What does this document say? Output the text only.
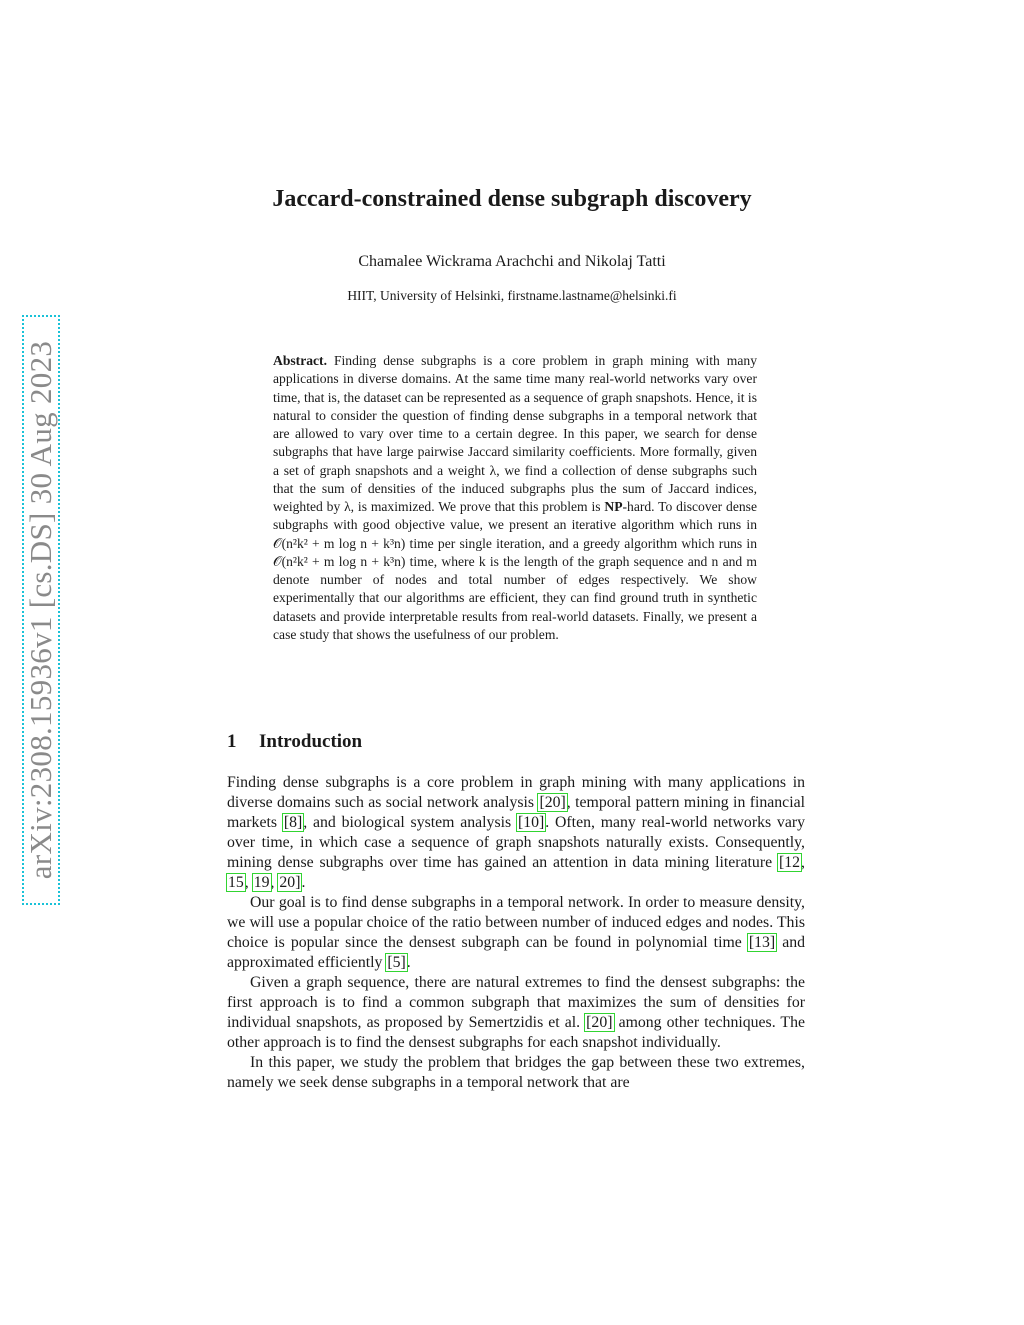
arXiv:2308.15936v1 [cs.DS] 30 Aug 2023
Jaccard-constrained dense subgraph discovery
Chamalee Wickrama Arachchi and Nikolaj Tatti
HIIT, University of Helsinki, firstname.lastname@helsinki.fi
Abstract. Finding dense subgraphs is a core problem in graph mining with many applications in diverse domains. At the same time many real-world networks vary over time, that is, the dataset can be represented as a sequence of graph snapshots. Hence, it is natural to consider the question of finding dense subgraphs in a temporal network that are allowed to vary over time to a certain degree. In this paper, we search for dense subgraphs that have large pairwise Jaccard similarity coefficients. More formally, given a set of graph snapshots and a weight λ, we find a collection of dense subgraphs such that the sum of densities of the induced subgraphs plus the sum of Jaccard indices, weighted by λ, is maximized. We prove that this problem is NP-hard. To discover dense subgraphs with good objective value, we present an iterative algorithm which runs in 𝒪(n²k² + m log n + k³n) time per single iteration, and a greedy algorithm which runs in 𝒪(n²k² + m log n + k³n) time, where k is the length of the graph sequence and n and m denote number of nodes and total number of edges respectively. We show experimentally that our algorithms are efficient, they can find ground truth in synthetic datasets and provide interpretable results from real-world datasets. Finally, we present a case study that shows the usefulness of our problem.
1 Introduction

Finding dense subgraphs is a core problem in graph mining with many applications in diverse domains such as social network analysis [20], temporal pattern mining in financial markets [8], and biological system analysis [10]. Often, many real-world networks vary over time, in which case a sequence of graph snapshots naturally exists. Consequently, mining dense subgraphs over time has gained an attention in data mining literature [12, 15, 19, 20].

Our goal is to find dense subgraphs in a temporal network. In order to measure density, we will use a popular choice of the ratio between number of induced edges and nodes. This choice is popular since the densest subgraph can be found in polynomial time [13] and approximated efficiently [5].

Given a graph sequence, there are natural extremes to find the densest subgraphs: the first approach is to find a common subgraph that maximizes the sum of densities for individual snapshots, as proposed by Semertzidis et al. [20] among other techniques. The other approach is to find the densest subgraphs for each snapshot individually.

In this paper, we study the problem that bridges the gap between these two extremes, namely we seek dense subgraphs in a temporal network that are
